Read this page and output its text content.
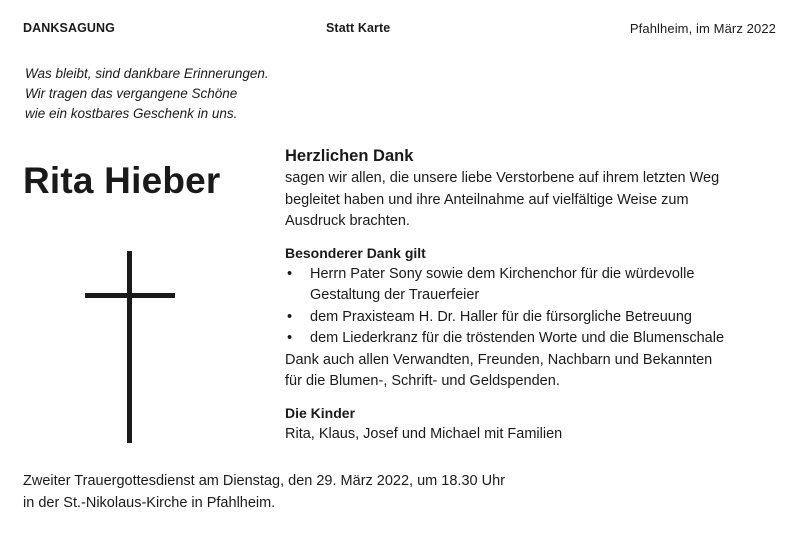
DANKSAGUNG	Statt Karte	Pfahlheim, im März 2022
Was bleibt, sind dankbare Erinnerungen.
Wir tragen das vergangene Schöne
wie ein kostbares Geschenk in uns.
Rita Hieber
Herzlichen Dank

sagen wir allen, die unsere liebe Verstorbene auf ihrem letzten Weg
begleitet haben und ihre Anteilnahme auf vielfältige Weise zum
Ausdruck brachten.

Besonderer Dank gilt
• Herrn Pater Sony sowie dem Kirchenchor für die würdevolle
Gestaltung der Trauerfeier
• dem Praxisteam H. Dr. Haller für die fürsorgliche Betreuung
• dem Liederkranz für die tröstenden Worte und die Blumenschale

Dank auch allen Verwandten, Freunden, Nachbarn und Bekannten
für die Blumen-, Schrift- und Geldspenden.

Die Kinder

Rita, Klaus, Josef und Michael mit Familien

Zweiter Trauergottesdienst am Dienstag, den 29. März 2022, um 18.30 Uhr
in der St.-Nikolaus-Kirche in Pfahlheim.
